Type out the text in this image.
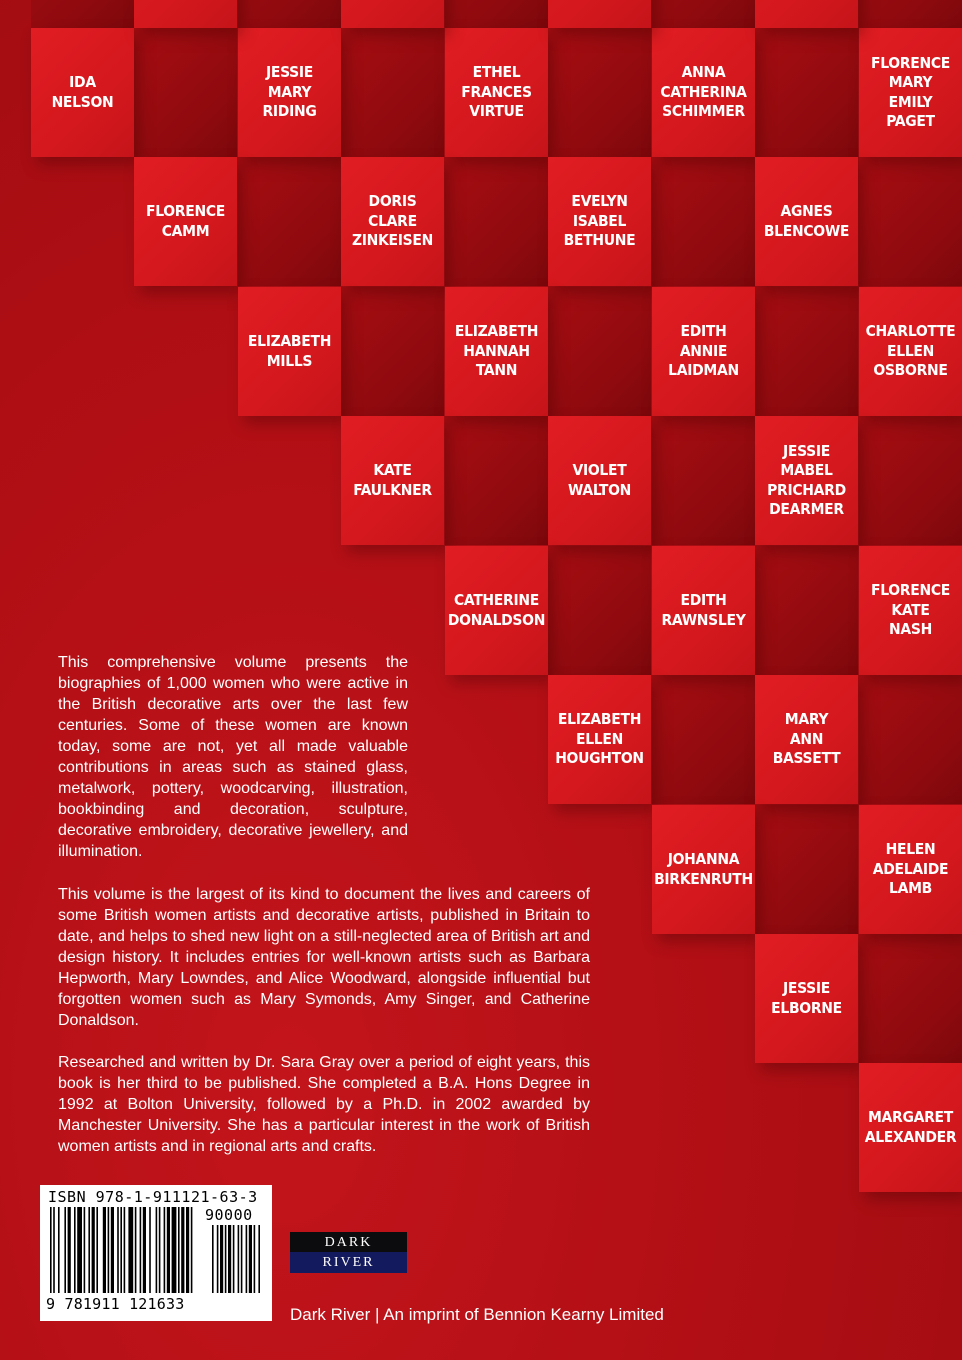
IDA
NELSON
JESSIE
MARY
RIDING
ETHEL
FRANCES
VIRTUE
ANNA
CATHERINA
SCHIMMER
FLORENCE
MARY
EMILY
PAGET
FLORENCE
CAMM
DORIS
CLARE
ZINKEISEN
EVELYN
ISABEL
BETHUNE
AGNES
BLENCOWE
ELIZABETH
MILLS
ELIZABETH
HANNAH
TANN
EDITH
ANNIE
LAIDMAN
CHARLOTTE
ELLEN
OSBORNE
KATE
FAULKNER
VIOLET
WALTON
JESSIE
MABEL
PRICHARD
DEARMER
CATHERINE
DONALDSON
EDITH
RAWNSLEY
FLORENCE
KATE
NASH
ELIZABETH
ELLEN
HOUGHTON
MARY
ANN
BASSETT
JOHANNA
BIRKENRUTH
HELEN
ADELAIDE
LAMB
JESSIE
ELBORNE
MARGARET
ALEXANDER

This comprehensive volume presents the biographies of 1,000 women who were active in the British decorative arts over the last few centuries. Some of these women are known today, some are not, yet all made valuable contributions in areas such as stained glass, metalwork, pottery, woodcarving, illustration, bookbinding and decoration, sculpture, decorative embroidery, decorative jewellery, and illumination.

This volume is the largest of its kind to document the lives and careers of some British women artists and decorative artists, published in Britain to date, and helps to shed new light on a still-neglected area of British art and design history. It includes entries for well-known artists such as Barbara Hepworth, Mary Lowndes, and Alice Woodward, alongside influential but forgotten women such as Mary Symonds, Amy Singer, and Catherine Donaldson.

Researched and written by Dr. Sara Gray over a period of eight years, this book is her third to be published. She completed a B.A. Hons Degree in 1992 at Bolton University, followed by a Ph.D. in 2002 awarded by Manchester University. She has a particular interest in the work of British women artists and in regional arts and crafts.

ISBN 978-1-911121-63-3
90000
9 781911 121633
DARK
RIVER
Dark River | An imprint of Bennion Kearny Limited
